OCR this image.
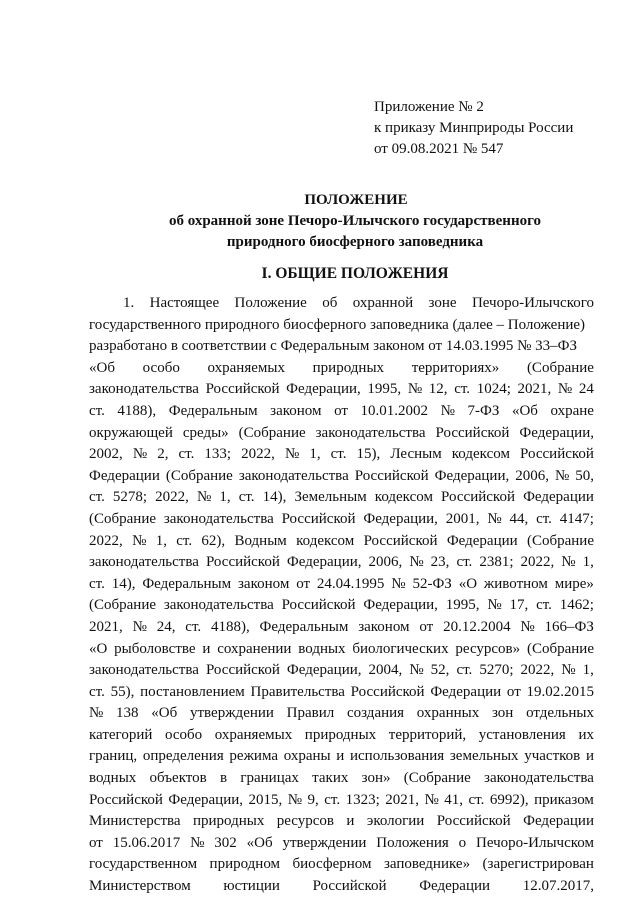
Приложение № 2
к приказу Минприроды России
от 09.08.2021 № 547
ПОЛОЖЕНИЕ
об охранной зоне Печоро-Илычского государственного
природного биосферного заповедника
I. ОБЩИЕ ПОЛОЖЕНИЯ
1. Настоящее Положение об охранной зоне Печоро-Илычского
государственного природного биосферного заповедника (далее – Положение)
разработано в соответствии с Федеральным законом от 14.03.1995 № 33–ФЗ
«Об особо охраняемых природных территориях» (Собрание
законодательства Российской Федерации, 1995, № 12, ст. 1024; 2021, № 24
ст. 4188), Федеральным законом от 10.01.2002 № 7-ФЗ «Об охране
окружающей среды» (Собрание законодательства Российской Федерации,
2002, № 2, ст. 133; 2022, № 1, ст. 15), Лесным кодексом Российской
Федерации (Собрание законодательства Российской Федерации, 2006, № 50,
ст. 5278; 2022, № 1, ст. 14), Земельным кодексом Российской Федерации
(Собрание законодательства Российской Федерации, 2001, № 44, ст. 4147;
2022, № 1, ст. 62), Водным кодексом Российской Федерации (Собрание
законодательства Российской Федерации, 2006, № 23, ст. 2381; 2022, № 1,
ст. 14), Федеральным законом от 24.04.1995 № 52-ФЗ «О животном мире»
(Собрание законодательства Российской Федерации, 1995, № 17, ст. 1462;
2021, № 24, ст. 4188), Федеральным законом от 20.12.2004 № 166–ФЗ
«О рыболовстве и сохранении водных биологических ресурсов» (Собрание
законодательства Российской Федерации, 2004, № 52, ст. 5270; 2022, № 1,
ст. 55), постановлением Правительства Российской Федерации от 19.02.2015
№ 138 «Об утверждении Правил создания охранных зон отдельных
категорий особо охраняемых природных территорий, установления их
границ, определения режима охраны и использования земельных участков и
водных объектов в границах таких зон» (Собрание законодательства
Российской Федерации, 2015, № 9, ст. 1323; 2021, № 41, ст. 6992), приказом
Министерства природных ресурсов и экологии Российской Федерации
от 15.06.2017 № 302 «Об утверждении Положения о Печоро-Илычском
государственном природном биосферном заповеднике» (зарегистрирован
Министерством юстиции Российской Федерации 12.07.2017,
